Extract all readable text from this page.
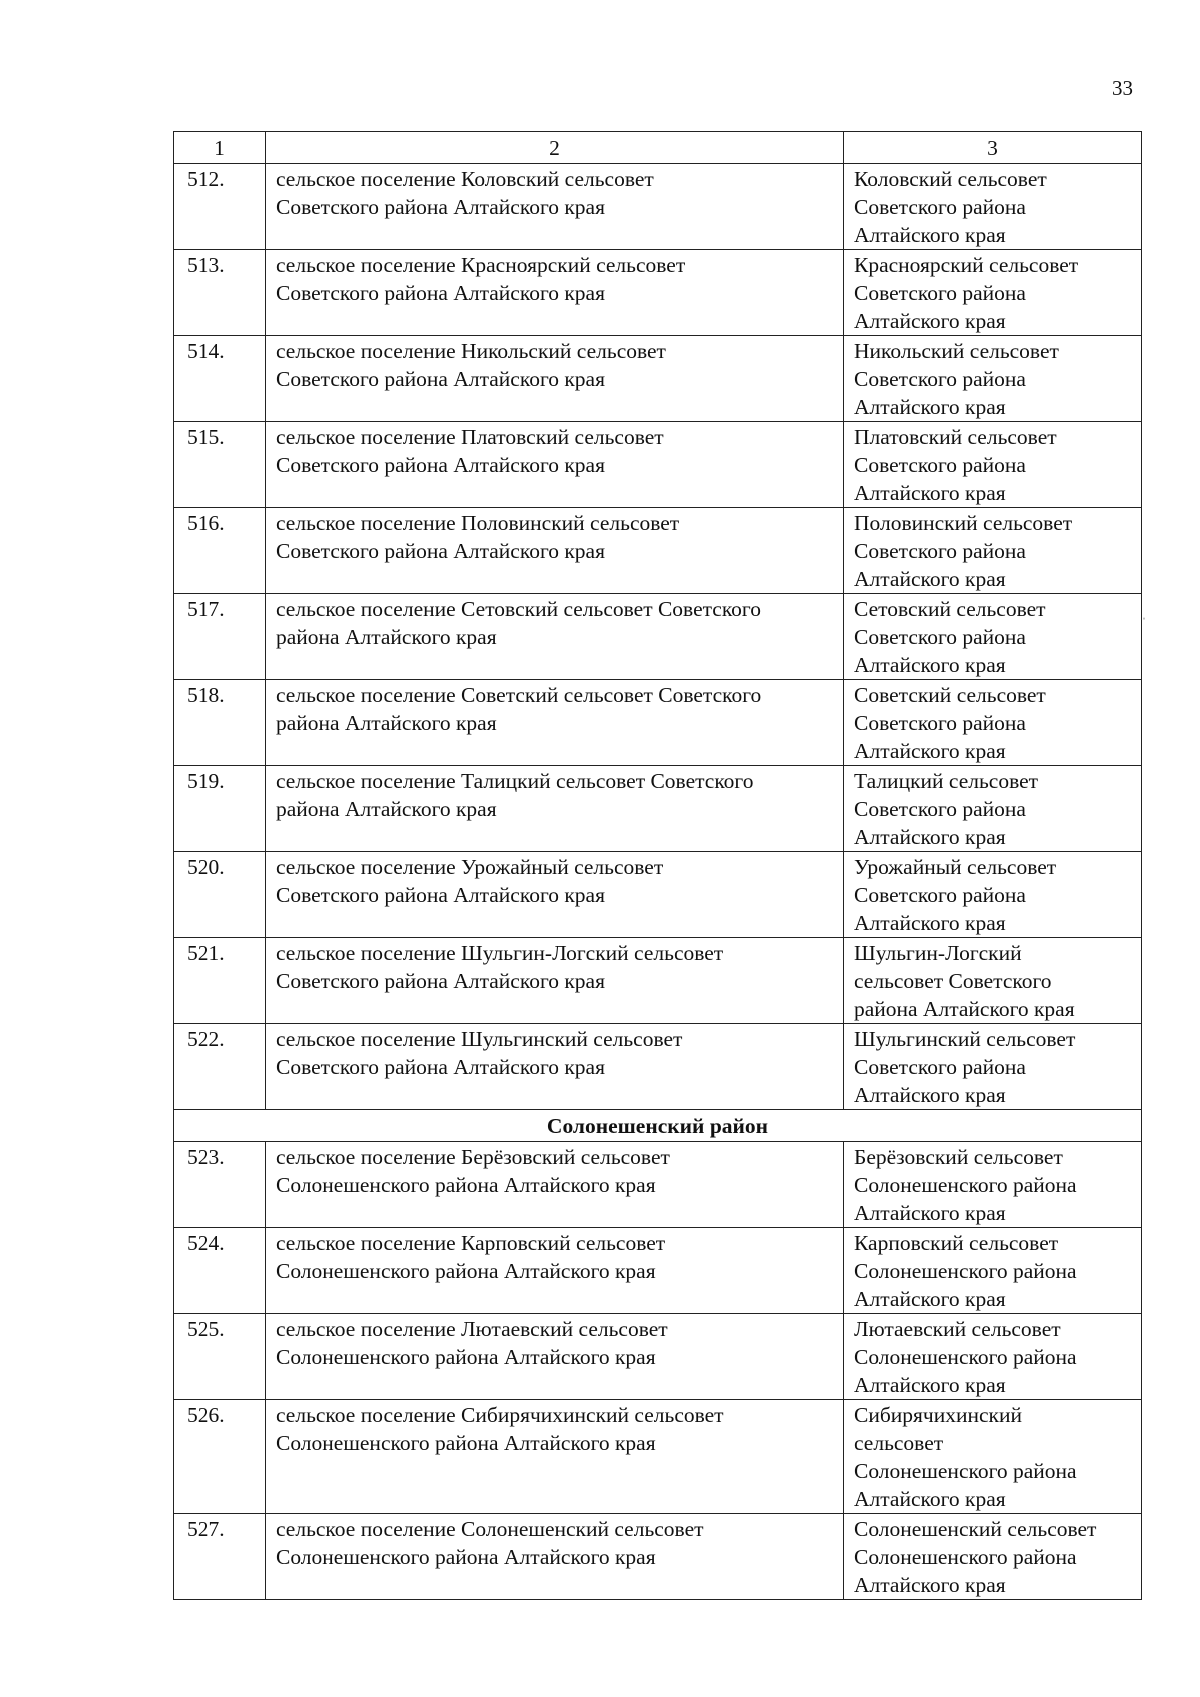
33
1	2	3
512.	сельское поселение Коловский сельсовет
Советского района Алтайского края	Коловский сельсовет
Советского района
Алтайского края

513.	сельское поселение Красноярский сельсовет
Советского района Алтайского края	Красноярский сельсовет
Советского района
Алтайского края

514.	сельское поселение Никольский сельсовет
Советского района Алтайского края	Никольский сельсовет
Советского района
Алтайского края

515.	сельское поселение Платовский сельсовет
Советского района Алтайского края	Платовский сельсовет
Советского района
Алтайского края

516.	сельское поселение Половинский сельсовет
Советского района Алтайского края	Половинский сельсовет
Советского района
Алтайского края

517.	сельское поселение Сетовский сельсовет Советского
района Алтайского края	Сетовский сельсовет
Советского района
Алтайского края

518.	сельское поселение Советский сельсовет Советского
района Алтайского края	Советский сельсовет
Советского района
Алтайского края

519.	сельское поселение Талицкий сельсовет Советского
района Алтайского края	Талицкий сельсовет
Советского района
Алтайского края

520.	сельское поселение Урожайный сельсовет
Советского района Алтайского края	Урожайный сельсовет
Советского района
Алтайского края

521.	сельское поселение Шульгин-Логский сельсовет
Советского района Алтайского края	Шульгин-Логский
сельсовет Советского
района Алтайского края

522.	сельское поселение Шульгинский сельсовет
Советского района Алтайского края	Шульгинский сельсовет
Советского района
Алтайского края

Солонешенский район		
523.	сельское поселение Берёзовский сельсовет
Солонешенского района Алтайского края	Берёзовский сельсовет
Солонешенского района
Алтайского края

524.	сельское поселение Карповский сельсовет
Солонешенского района Алтайского края	Карповский сельсовет
Солонешенского района
Алтайского края

525.	сельское поселение Лютаевский сельсовет
Солонешенского района Алтайского края	Лютаевский сельсовет
Солонешенского района
Алтайского края

526.	сельское поселение Сибирячихинский сельсовет
Солонешенского района Алтайского края	Сибирячихинский
сельсовет
Солонешенского района
Алтайского края

527.	сельское поселение Солонешенский сельсовет
Солонешенского района Алтайского края	Солонешенский сельсовет
Солонешенского района
Алтайского края
ˌ
